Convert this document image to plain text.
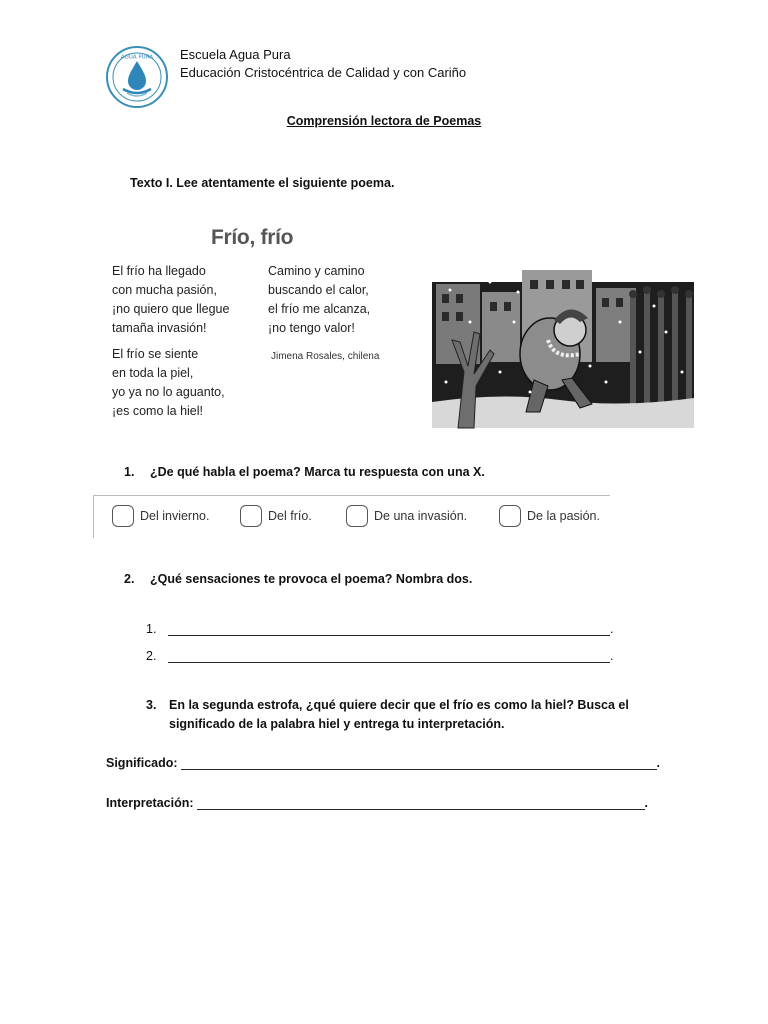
AGUA PURA Escuela Agua Pura
Educación Cristocéntrica de Calidad y con Cariño
Comprensión lectora de Poemas
Texto I. Lee atentamente el siguiente poema.
Frío, frío
El frío ha llegado
con mucha pasión,
¡no quiero que llegue
tamaña invasión!
El frío se siente
en toda la piel,
yo ya no lo aguanto,
¡es como la hiel!
Camino y camino
buscando el calor,
el frío me alcanza,
¡no tengo valor!
Jimena Rosales, chilena
1. ¿De qué habla el poema? Marca tu respuesta con una X.
Del invierno.	Del frío.	De una invasión.	De la pasión.
2. ¿Qué sensaciones te provoca el poema? Nombra dos.
1.	.
2.	.
3. En la segunda estrofa, ¿qué quiere decir que el frío es como la hiel? Busca el significado de la palabra hiel y entrega tu interpretación.
Significado:	.
Interpretación:	.
